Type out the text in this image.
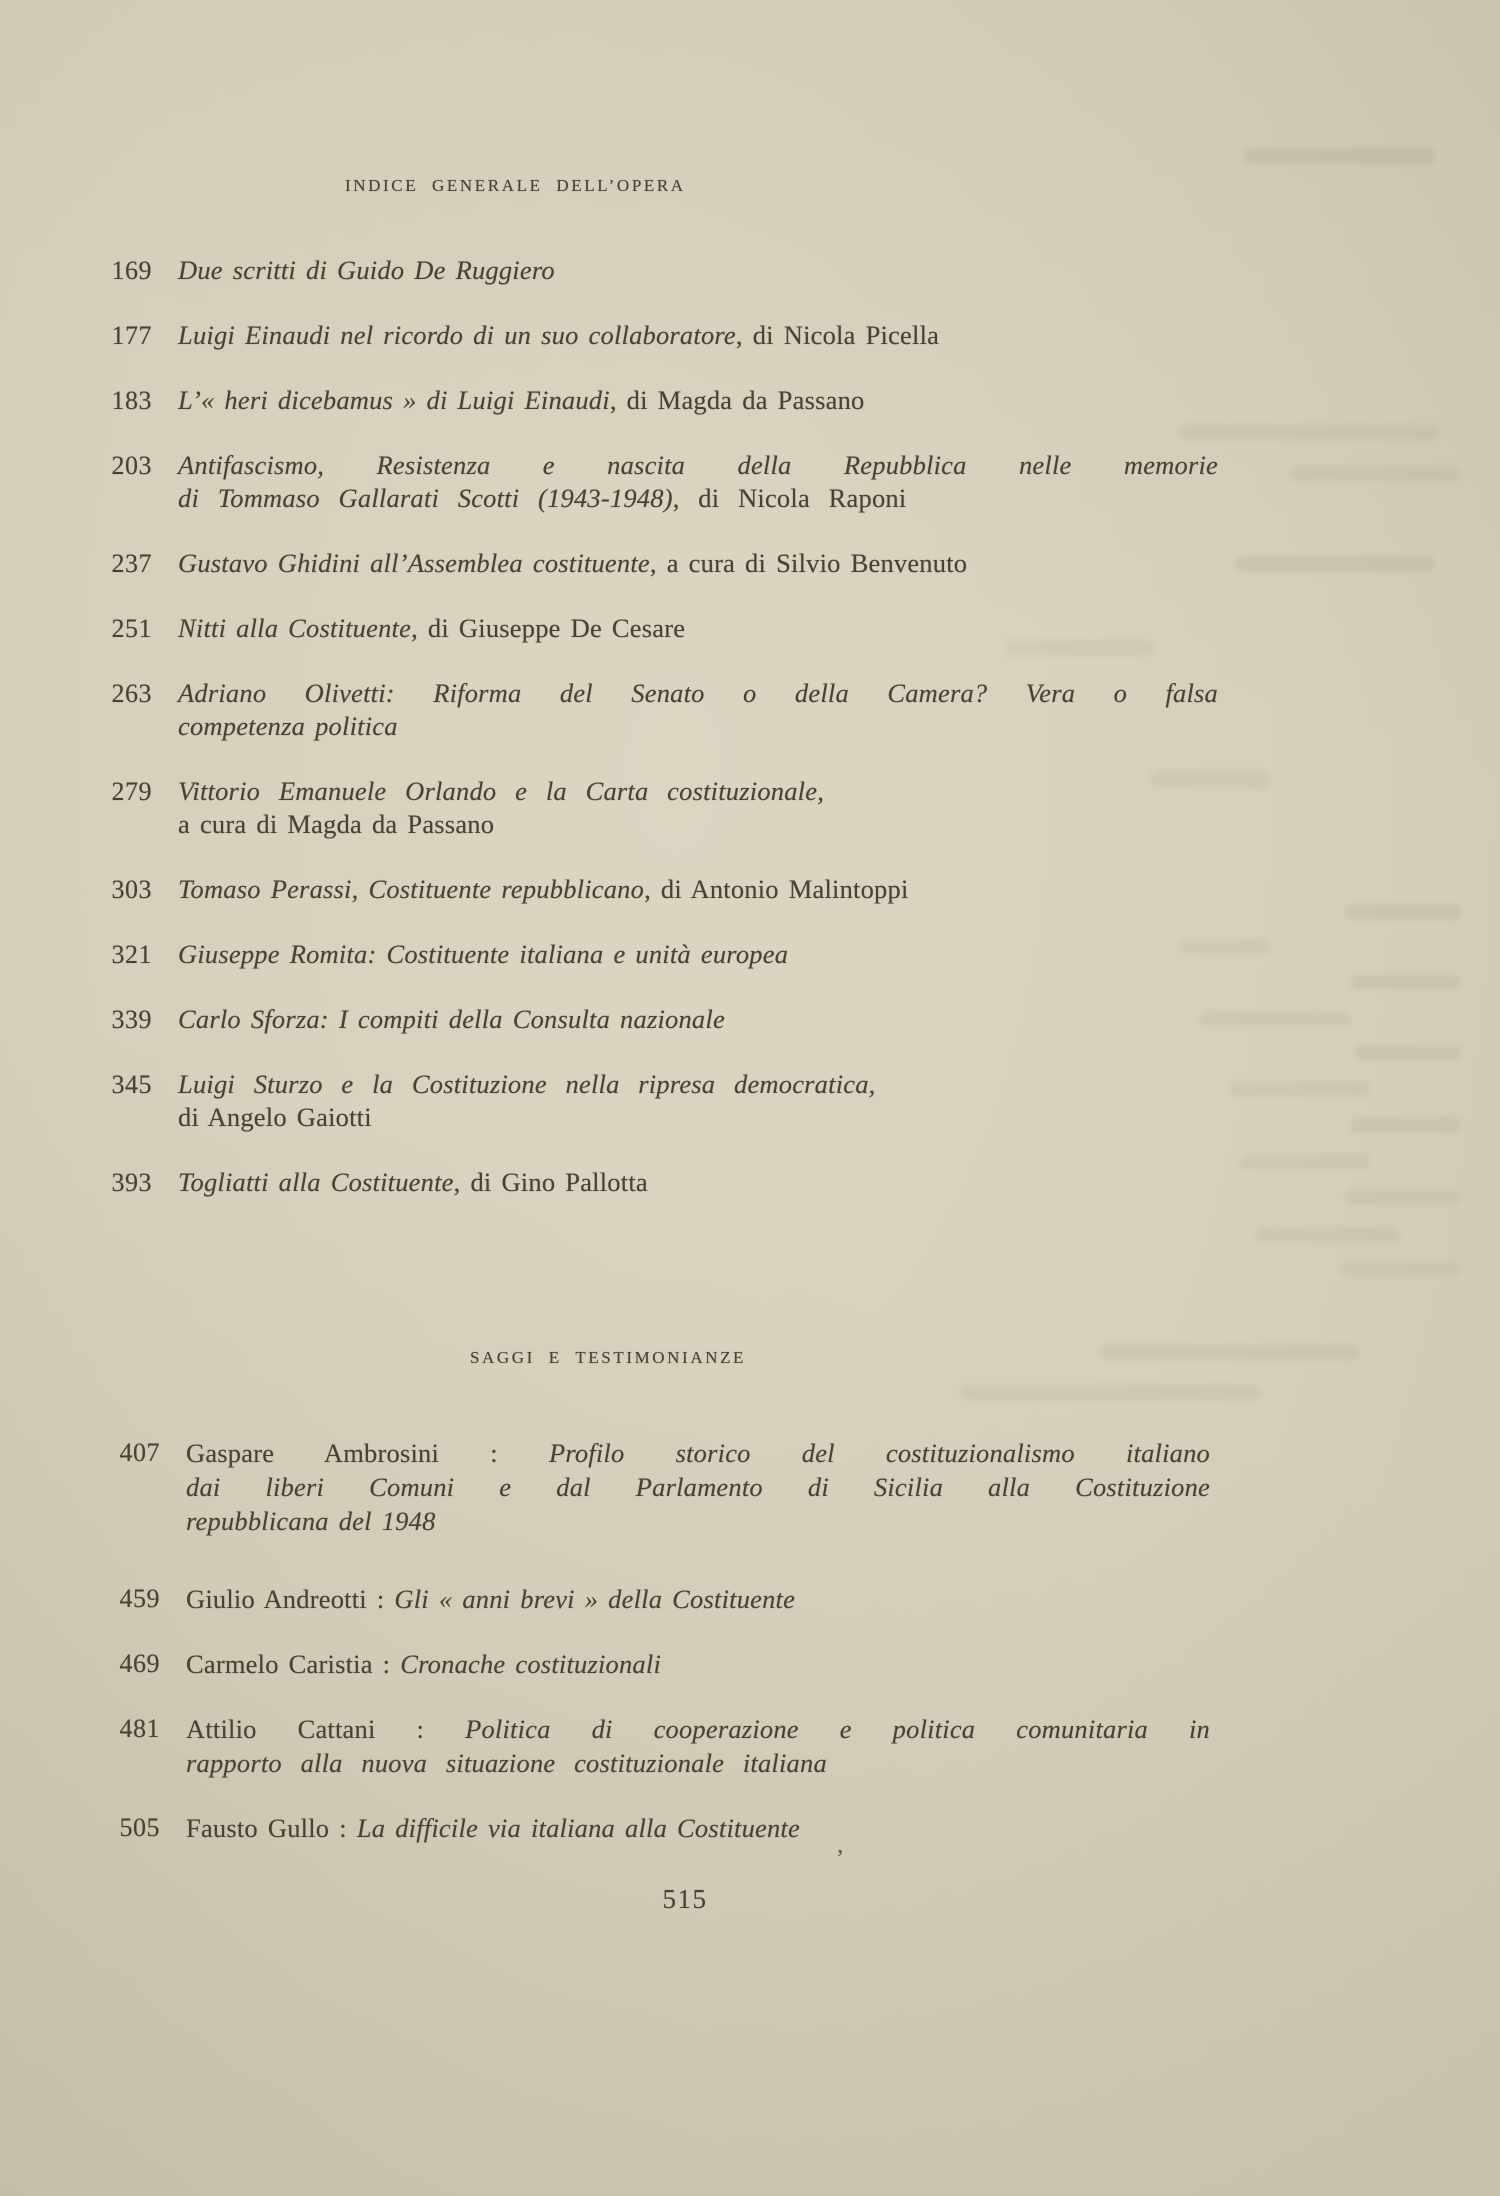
INDICE GENERALE DELL’OPERA
169 Due scritti di Guido De Ruggiero
177 Luigi Einaudi nel ricordo di un suo collaboratore, di Nicola Picella
183 L’« heri dicebamus » di Luigi Einaudi, di Magda da Passano
203 Antifascismo, Resistenza e nascita della Repubblica nelle memorie
di Tommaso Gallarati Scotti (1943-1948), di Nicola Raponi
237 Gustavo Ghidini all’Assemblea costituente, a cura di Silvio Benvenuto
251 Nitti alla Costituente, di Giuseppe De Cesare
263 Adriano Olivetti: Riforma del Senato o della Camera? Vera o falsa
competenza politica
279 Vittorio Emanuele Orlando e la Carta costituzionale,
a cura di Magda da Passano
303 Tomaso Perassi, Costituente repubblicano, di Antonio Malintoppi
321 Giuseppe Romita: Costituente italiana e unità europea
339 Carlo Sforza: I compiti della Consulta nazionale
345 Luigi Sturzo e la Costituzione nella ripresa democratica,
di Angelo Gaiotti
393 Togliatti alla Costituente, di Gino Pallotta
SAGGI E TESTIMONIANZE
407 Gaspare Ambrosini : Profilo storico del costituzionalismo italiano
dai liberi Comuni e dal Parlamento di Sicilia alla Costituzione
repubblicana del 1948
459 Giulio Andreotti : Gli « anni brevi » della Costituente
469 Carmelo Caristia : Cronache costituzionali
481 Attilio Cattani : Politica di cooperazione e politica comunitaria in
rapporto alla nuova situazione costituzionale italiana
505 Fausto Gullo : La difficile via italiana alla Costituente
’
515
